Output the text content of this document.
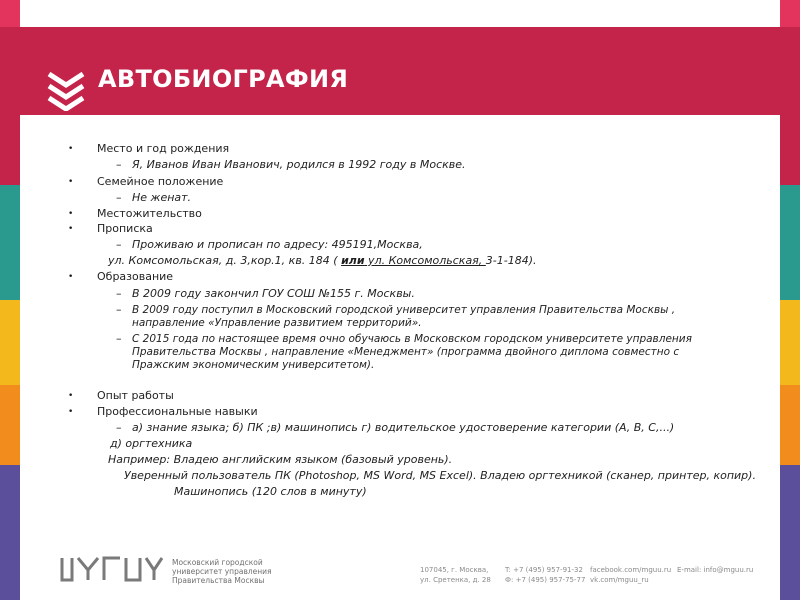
АВТОБИОГРАФИЯ
• Место и год рождения
– Я, Иванов Иван Иванович, родился в 1992 году в Москве.
• Семейное положение
– Не женат.
• Местожительство
• Прописка
– Проживаю и прописан по адресу: 495191,Москва,
ул. Комсомольская, д. 3,кор.1, кв. 184 ( или ул. Комсомольская, 3-1-184).
• Образование
– В 2009 году закончил ГОУ СОШ №155 г. Москвы.
– В 2009 году поступил в Московский городской университет управления Правительства Москвы ,
направление «Управление развитием территорий».
– С 2015 года по настоящее время очно обучаюсь в Московском городском университете управления
Правительства Москвы , направление «Менеджмент» (программа двойного диплома совместно с
Пражским экономическим университетом).
• Опыт работы
• Профессиональные навыки
– а) знание языка; б) ПК ;в) машинопись г) водительское удостоверение категории (A, B, C,...)
д) оргтехника
Например: Владею английским языком (базовый уровень).
Уверенный пользователь ПК (Photoshop, MS Word, MS Excel). Владею оргтехникой (сканер, принтер, копир).
Машинопись (120 слов в минуту)
Московский городской
университет управления
Правительства Москвы
107045, г. Москва,
ул. Сретенка, д. 28
T: +7 (495) 957-91-32
Ф: +7 (495) 957-75-77
facebook.com/mguu.ru
vk.com/mguu_ru
E-mail: info@mguu.ru
